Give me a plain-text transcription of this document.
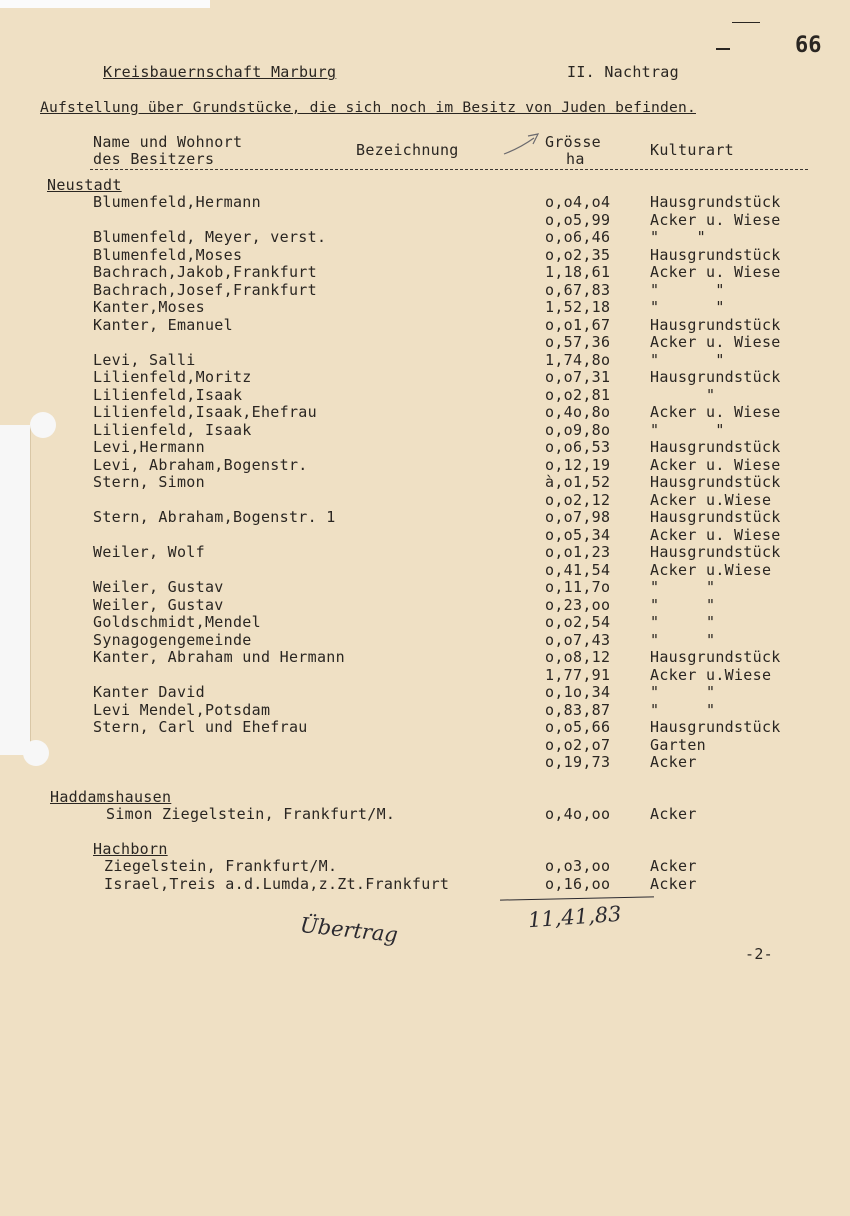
66
Kreisbauernschaft Marburg	II. Nachtrag
Aufstellung über Grundstücke, die sich noch im Besitz von Juden befinden.
Name und Wohnort
des Besitzers	Bezeichnung	Grösse
ha	Kulturart
Neustadt
Blumenfeld,Hermann	o,o4,o4	Hausgrundstück
o,o5,99	Acker u. Wiese
Blumenfeld, Meyer, verst.	o,o6,46	"    "
Blumenfeld,Moses	o,o2,35	Hausgrundstück
Bachrach,Jakob,Frankfurt	1,18,61	Acker u. Wiese
Bachrach,Josef,Frankfurt	o,67,83	"      "
Kanter,Moses	1,52,18	"      "
Kanter, Emanuel	o,o1,67	Hausgrundstück
o,57,36	Acker u. Wiese
Levi, Salli	1,74,8o	"      "
Lilienfeld,Moritz	o,o7,31	Hausgrundstück
Lilienfeld,Isaak	o,o2,81	"
Lilienfeld,Isaak,Ehefrau	o,4o,8o	Acker u. Wiese
Lilienfeld, Isaak	o,o9,8o	"      "
Levi,Hermann	o,o6,53	Hausgrundstück
Levi, Abraham,Bogenstr.	o,12,19	Acker u. Wiese
Stern, Simon	à,o1,52	Hausgrundstück
o,o2,12	Acker u.Wiese
Stern, Abraham,Bogenstr. 1	o,o7,98	Hausgrundstück
o,o5,34	Acker u. Wiese
Weiler, Wolf	o,o1,23	Hausgrundstück
o,41,54	Acker u.Wiese
Weiler, Gustav	o,11,7o	"     "
Weiler, Gustav	o,23,oo	"     "
Goldschmidt,Mendel	o,o2,54	"     "
Synagogengemeinde	o,o7,43	"     "
Kanter, Abraham und Hermann	o,o8,12	Hausgrundstück
1,77,91	Acker u.Wiese
Kanter David	o,1o,34	"     "
Levi Mendel,Potsdam	o,83,87	"     "
Stern, Carl und Ehefrau	o,o5,66	Hausgrundstück
o,o2,o7	Garten
o,19,73	Acker
Haddamshausen
Simon Ziegelstein, Frankfurt/M.	o,4o,oo	Acker
Hachborn
Ziegelstein, Frankfurt/M.	o,o3,oo	Acker
Israel,Treis a.d.Lumda,z.Zt.Frankfurt	o,16,oo	Acker
11,41,83
Übertrag
-2-
